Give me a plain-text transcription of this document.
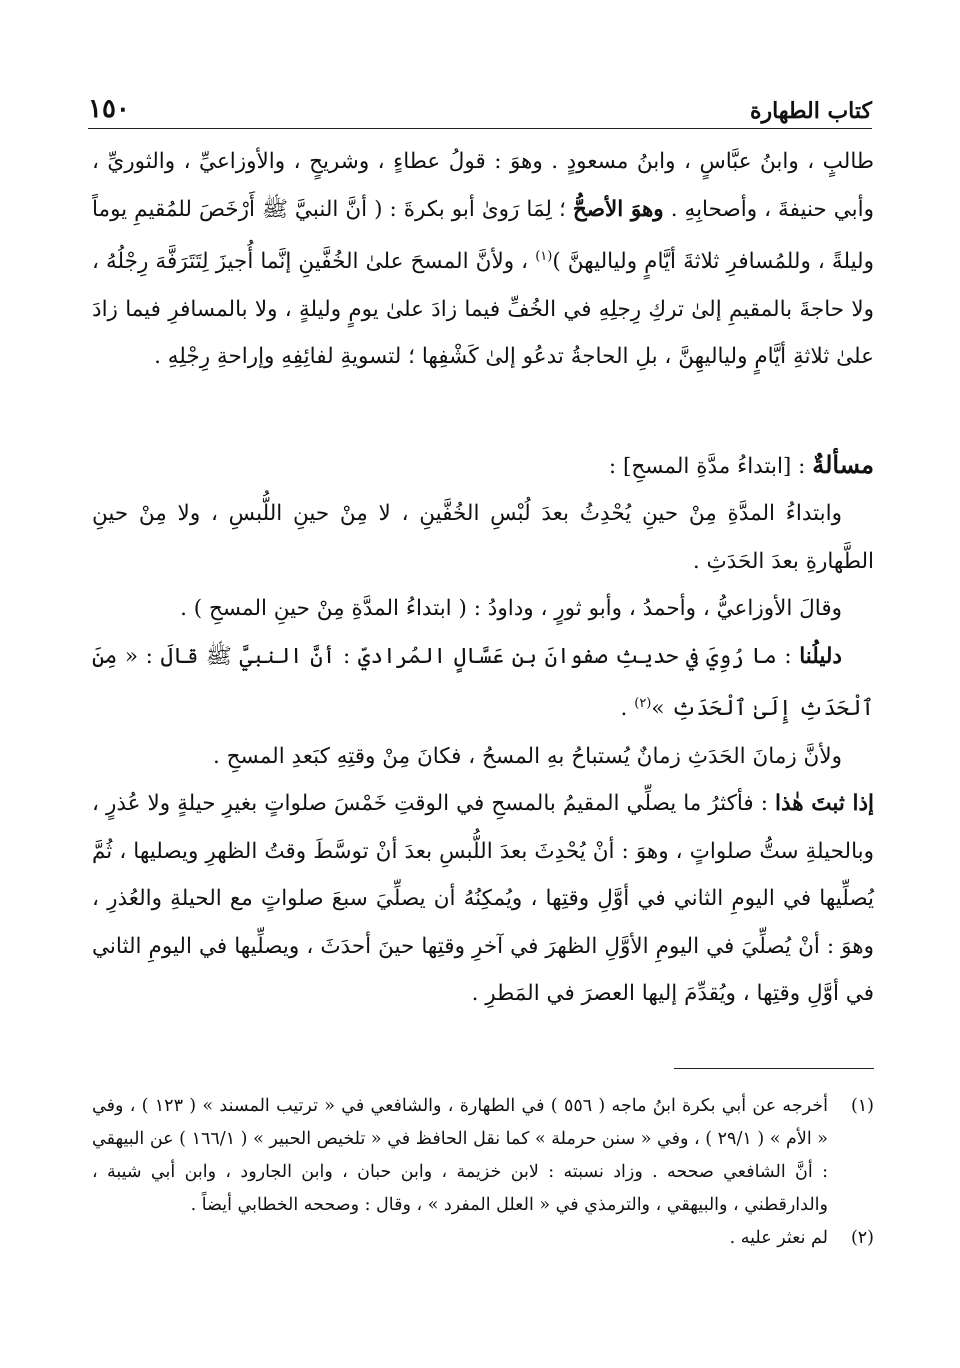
كتاب الطهارة
١٥٠

طالبٍ ، وابنُ عبَّاسٍ ، وابنُ مسعودٍ . وهوَ : قولُ عطاءٍ ، وشريحٍ ، والأوزاعيِّ ، والثوريِّ ، وأبي حنيفةَ ، وأصحابِهِ . وهوَ الأصحُّ ؛ لِمَا رَوىٰ أبو بكرةَ : ( أنَّ النبيَّ ﷺ أَرْخَصَ للمُقيمِ يوماً وليلةً ، وللمُسافرِ ثلاثةَ أيَّامٍ ولياليهنَّ )$^{(١)}$ ، ولأنَّ المسحَ علىٰ الخُفَّينِ إنَّما أُجيزَ لِتَتَرَفَّهَ رِجْلُهُ ، ولا حاجةَ بالمقيمِ إلىٰ تركِ رِجلِهِ في الخُفِّ فيما زادَ علىٰ يومٍ وليلةٍ ، ولا بالمسافرِ فيما زادَ علىٰ ثلاثةِ أيَّامٍ ولياليهِنَّ ، بلِ الحاجةُ تدعُو إلىٰ كَشْفِها ؛ لتسويةِ لفائِفِهِ وإراحةِ رِجْلِهِ .

مسألةٌ : [ابتداءُ مدَّةِ المسحِ] :

وابتداءُ المدَّةِ مِنْ حينِ يُحْدِثُ بعدَ لُبْسِ الخُفَّينِ ، لا مِنْ حينِ اللُّبسِ ، ولا مِنْ حينِ الطَّهارةِ بعدَ الحَدَثِ .

وقالَ الأوزاعيُّ ، وأحمدُ ، وأبو ثورٍ ، وداودُ : ( ابتداءُ المدَّةِ مِنْ حينِ المسحِ ) .

دليلُنا : ما رُوِيَ في حديثِ صفوانَ بن عَسَّالٍ المُراديِّ : أنَّ النبيَّ ﷺ قالَ : « مِنَ ٱلْحَدَثِ إِلَىٰ ٱلْحَدَثِ »$^{(٢)}$ .

ولأنَّ زمانَ الحَدَثِ زمانٌ يُستباحُ بهِ المسحُ ، فكانَ مِنْ وقتِهِ كبَعدِ المسحِ .

إذا ثبتَ هٰذا : فأكثرُ ما يصلِّي المقيمُ بالمسحِ في الوقتِ خَمْسَ صلواتٍ بغيرِ حيلةٍ ولا عُذرٍ ، وبالحيلةِ ستُّ صلواتٍ ، وهوَ : أنْ يُحْدِثَ بعدَ اللُّبسِ بعدَ أنْ توسَّطَ وقتُ الظهرِ ويصليها ، ثُمَّ يُصلِّيها في اليومِ الثاني في أوَّلِ وقتِها ، ويُمكِنُهُ أن يصلِّيَ سبعَ صلواتٍ مع الحيلةِ والعُذرِ ، وهوَ : أنْ يُصلِّيَ في اليومِ الأوَّلِ الظهرَ في آخرِ وقتِها حينَ أحدَثَ ، ويصلِّيها في اليومِ الثاني في أوَّلِ وقتِها ، ويُقدِّمَ إليها العصرَ في المَطرِ .

(١)
أخرجه عن أبي بكرة ابنُ ماجه ( ٥٥٦ ) في الطهارة ، والشافعي في « ترتيب المسند » ( ١٢٣ ) ، وفي « الأم » ( ٢٩/١ ) ، وفي « سنن حرملة » كما نقل الحافظ في « تلخيص الحبير » ( ١٦٦/١ ) عن البيهقي : أنَّ الشافعي صححه . وزاد نسبته : لابن خزيمة ، وابن حبان ، وابن الجارود ، وابن أبي شيبة ، والدارقطني ، والبيهقي ، والترمذي في « العلل المفرد » ، وقال : وصححه الخطابي أيضاً .
(٢)
لم نعثر عليه .
